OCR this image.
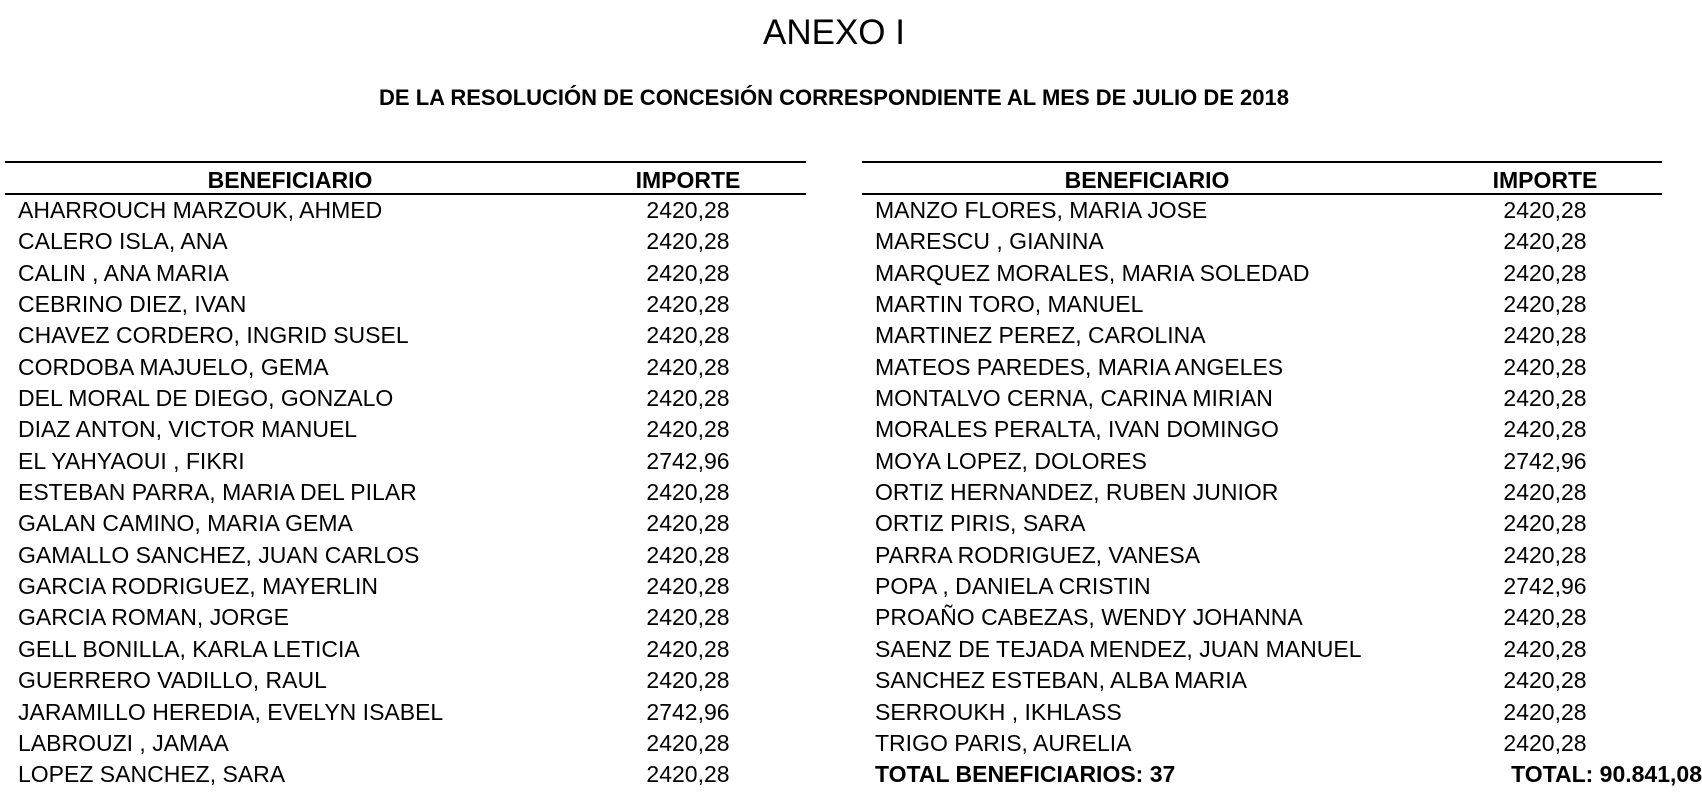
ANEXO I
DE LA RESOLUCIÓN DE CONCESIÓN CORRESPONDIENTE AL MES DE JULIO DE 2018
BENEFICIARIO	IMPORTE
AHARROUCH MARZOUK, AHMED	2420,28
CALERO ISLA, ANA	2420,28
CALIN , ANA MARIA	2420,28
CEBRINO DIEZ, IVAN	2420,28
CHAVEZ CORDERO, INGRID SUSEL	2420,28
CORDOBA MAJUELO, GEMA	2420,28
DEL MORAL DE DIEGO, GONZALO	2420,28
DIAZ ANTON, VICTOR MANUEL	2420,28
EL YAHYAOUI , FIKRI	2742,96
ESTEBAN PARRA, MARIA DEL PILAR	2420,28
GALAN CAMINO, MARIA GEMA	2420,28
GAMALLO SANCHEZ, JUAN CARLOS	2420,28
GARCIA RODRIGUEZ, MAYERLIN	2420,28
GARCIA ROMAN, JORGE	2420,28
GELL BONILLA, KARLA LETICIA	2420,28
GUERRERO VADILLO, RAUL	2420,28
JARAMILLO HEREDIA, EVELYN ISABEL	2742,96
LABROUZI , JAMAA	2420,28
LOPEZ SANCHEZ, SARA	2420,28
BENEFICIARIO	IMPORTE
MANZO FLORES, MARIA JOSE	2420,28
MARESCU , GIANINA	2420,28
MARQUEZ MORALES, MARIA SOLEDAD	2420,28
MARTIN TORO, MANUEL	2420,28
MARTINEZ PEREZ, CAROLINA	2420,28
MATEOS PAREDES, MARIA ANGELES	2420,28
MONTALVO CERNA, CARINA MIRIAN	2420,28
MORALES PERALTA, IVAN DOMINGO	2420,28
MOYA LOPEZ, DOLORES	2742,96
ORTIZ HERNANDEZ, RUBEN JUNIOR	2420,28
ORTIZ PIRIS, SARA	2420,28
PARRA RODRIGUEZ, VANESA	2420,28
POPA , DANIELA CRISTIN	2742,96
PROAÑO CABEZAS, WENDY JOHANNA	2420,28
SAENZ DE TEJADA MENDEZ, JUAN MANUEL	2420,28
SANCHEZ ESTEBAN, ALBA MARIA	2420,28
SERROUKH , IKHLASS	2420,28
TRIGO PARIS, AURELIA	2420,28
TOTAL BENEFICIARIOS: 37	TOTAL: 90.841,08
